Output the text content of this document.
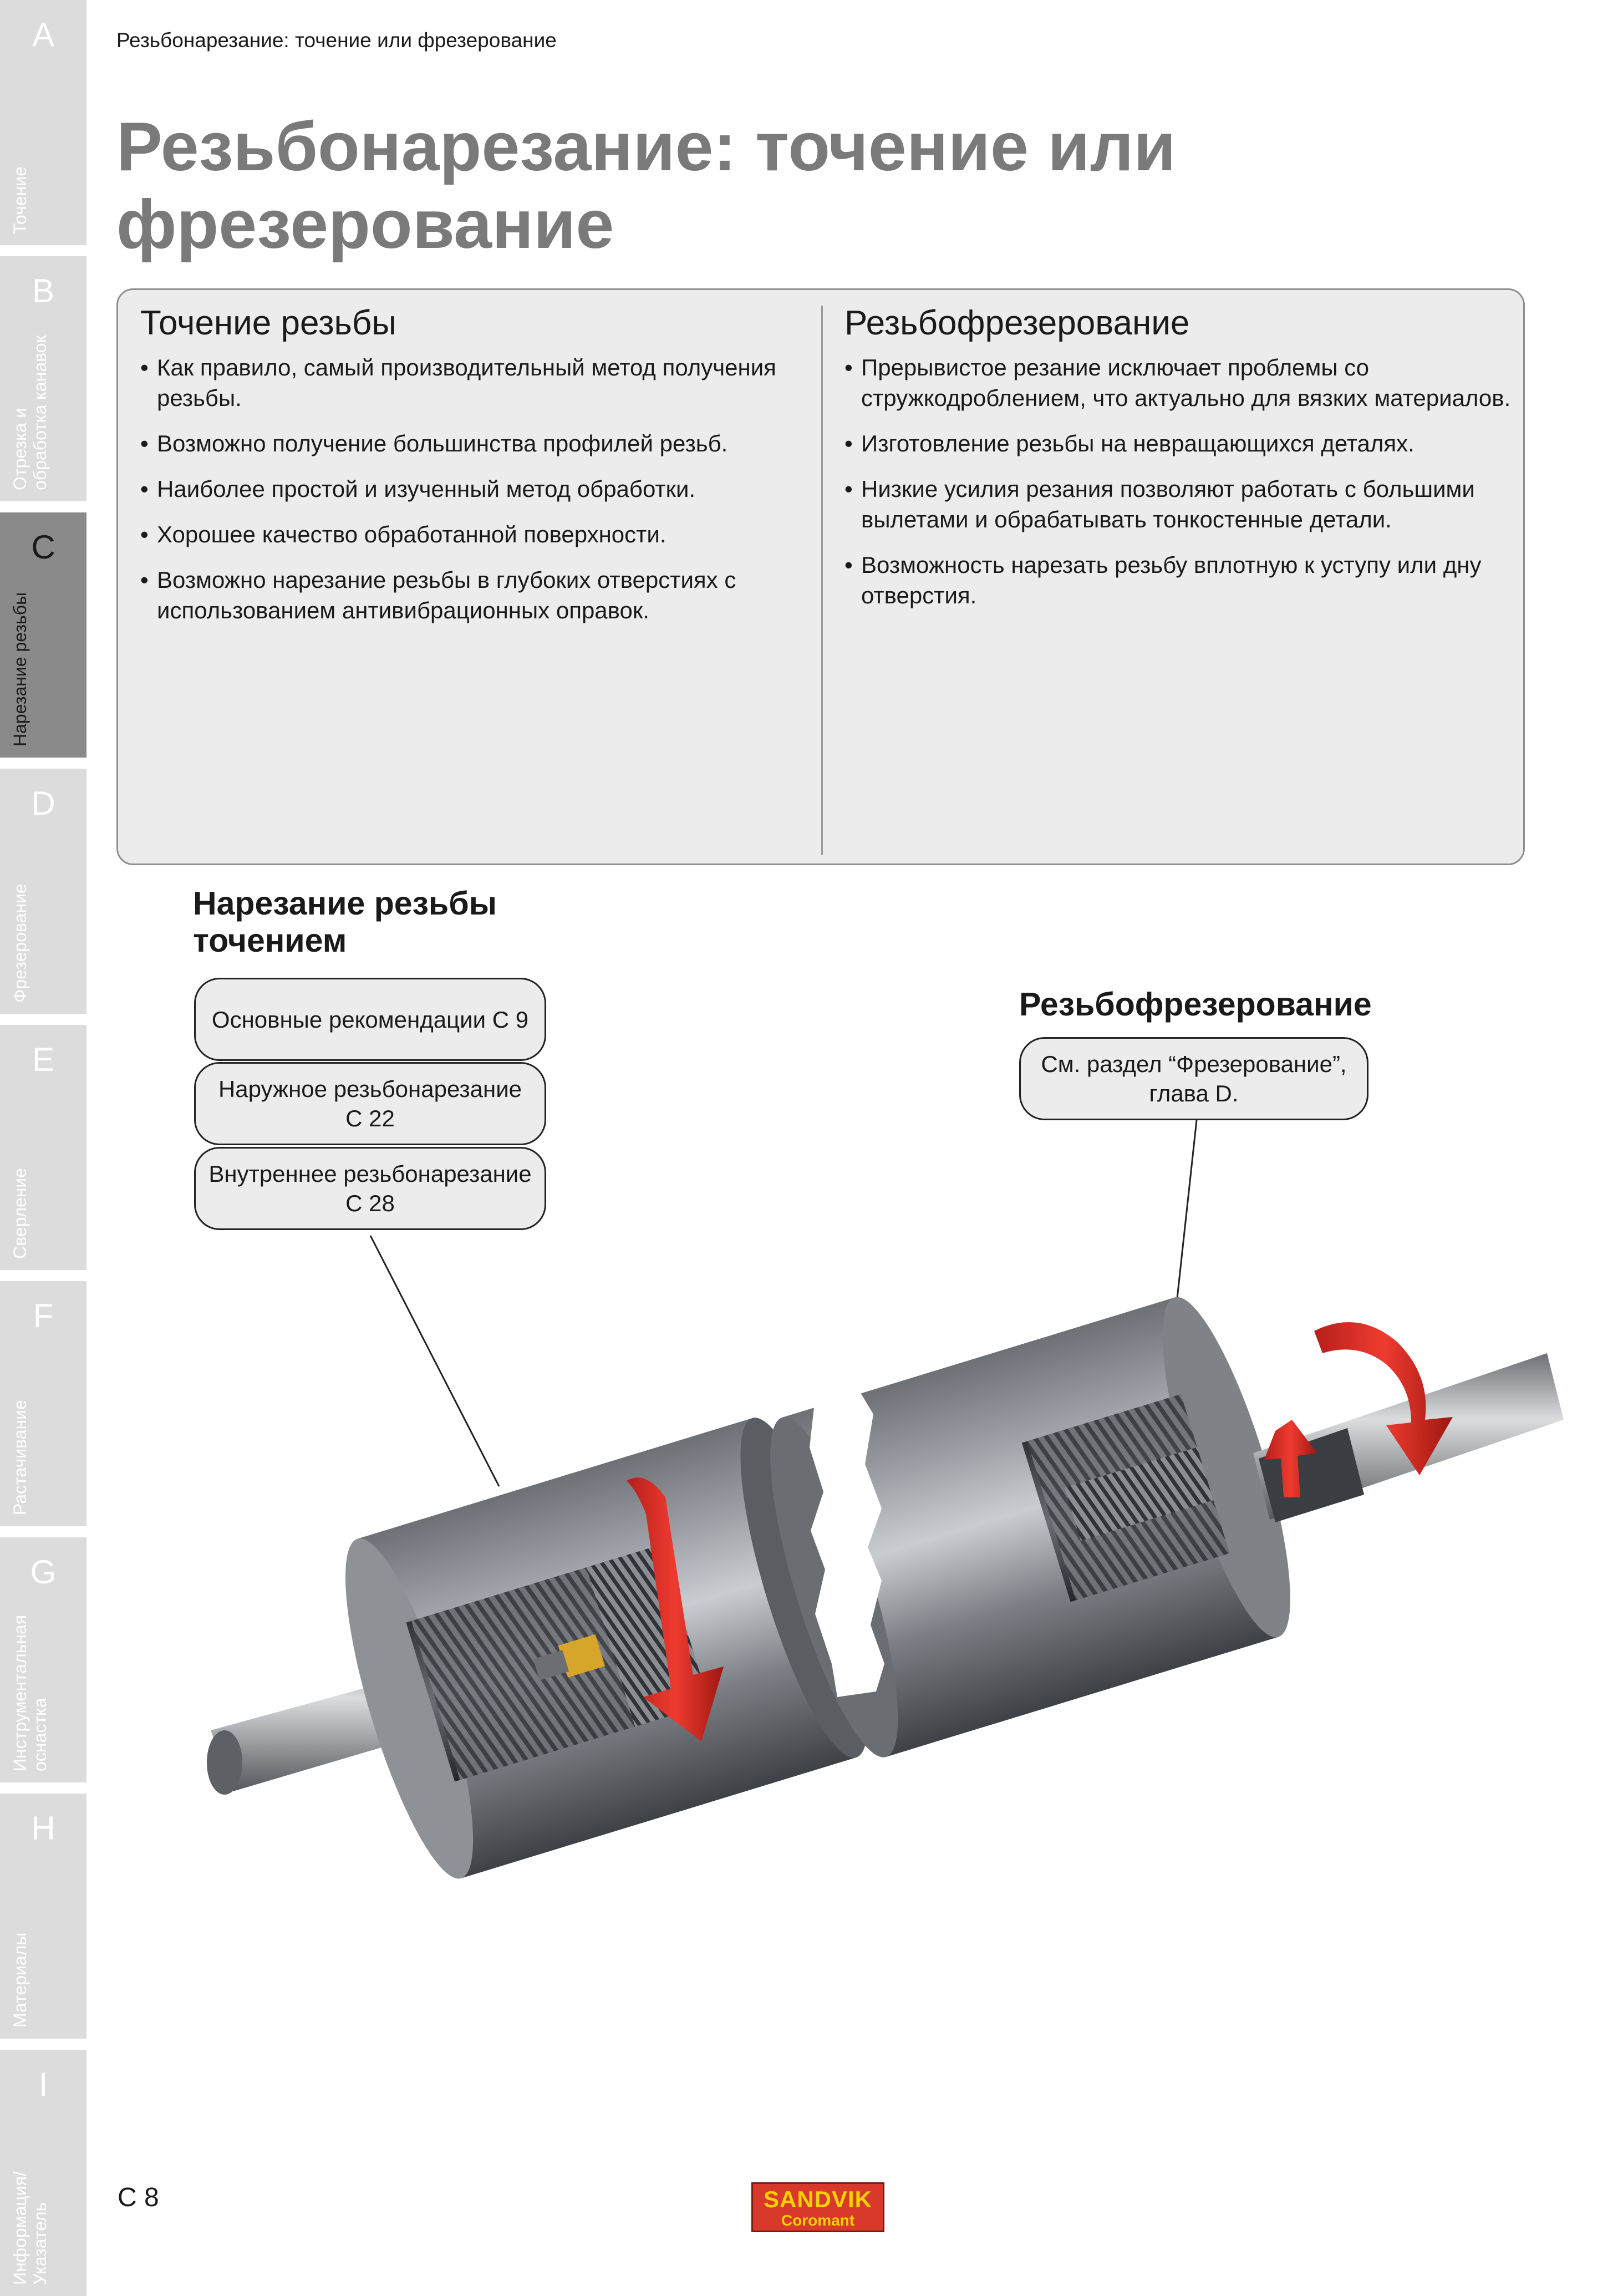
A
Точение
B
Отрезка и
обработка канавок
C
Нарезание резьбы
D
Фрезерование
E
Сверление
F
Растачивание
G
Инструментальная
оснастка
H
Материалы
I
Информация/
Указатель
Резьбонарезание: точение или фрезерование
Резьбонарезание: точение или
фрезерование
Точение резьбы
• Как правило, самый производительный метод получения резьбы.
• Возможно получение большинства профилей резьб.
• Наиболее простой и изученный метод обработки.
• Хорошее качество обработанной поверхности.
• Возможно нарезание резьбы в глубоких отверстиях с использованием антивибрационных оправок.
Резьбофрезерование
• Прерывистое резание исключает проблемы со стружкодроблением, что актуально для вязких материалов.
• Изготовление резьбы на невращающихся деталях.
• Низкие усилия резания позволяют работать с большими вылетами и обрабатывать тонкостенные детали.
• Возможность нарезать резьбу вплотную к уступу или дну отверстия.
Нарезание резьбы
точением
Основные рекомендации С 9
Наружное резьбонарезание
С 22
Внутреннее резьбонарезание
С 28
Резьбофрезерование
См. раздел “Фрезерование”,
глава D.
С 8	SANDVIK
Coromant
